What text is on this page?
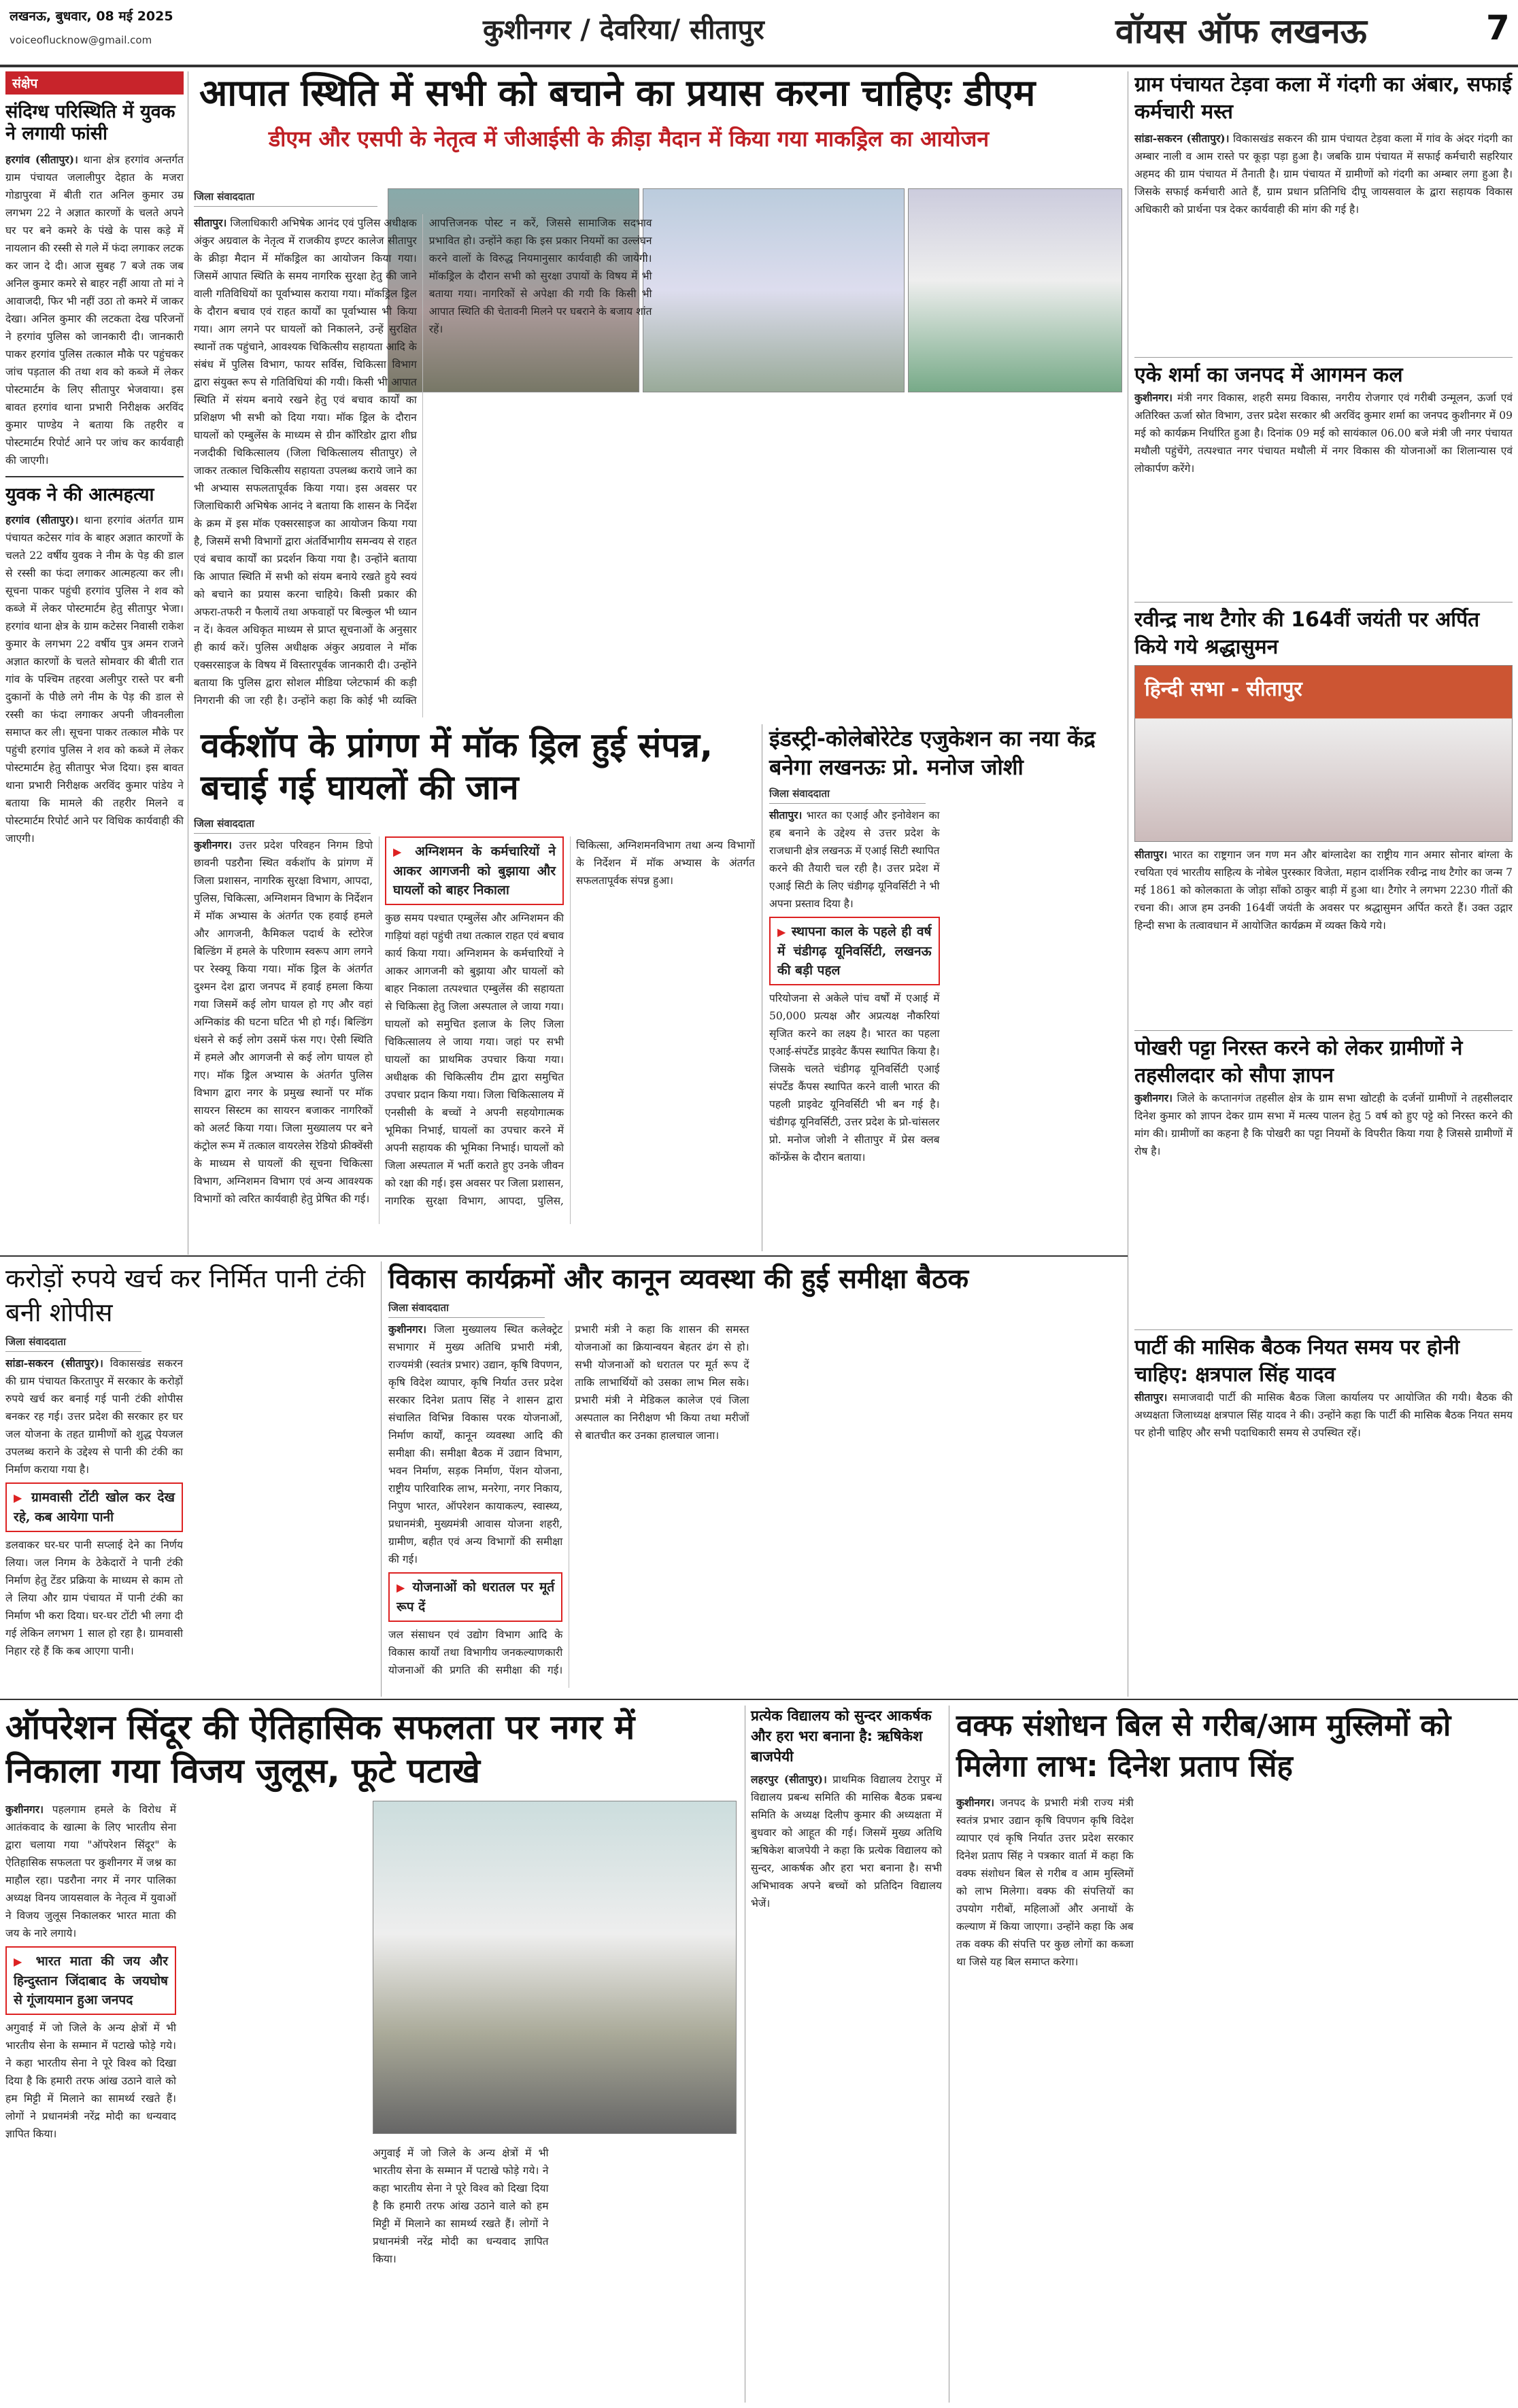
लखनऊ, बुधवार, 08 मई 2025
voiceoflucknow@gmail.com	कुशीनगर / देवरिया/ सीतापुर	वॉयस ऑफ लखनऊ	7
संक्षेप
संदिग्ध परिस्थिति में युवक ने लगायी फांसी
हरगांव (सीतापुर)। थाना क्षेत्र हरगांव अन्तर्गत ग्राम पंचायत जलालीपुर देहात के मजरा गोडापुरवा में बीती रात अनिल कुमार उम्र लगभग 22 ने अज्ञात कारणों के चलते अपने घर पर बने कमरे के पंखे के पास कड़े में नायलान की रस्सी से गले में फंदा लगाकर लटक कर जान दे दी। आज सुबह 7 बजे तक जब अनिल कुमार कमरे से बाहर नहीं आया तो मां ने आवाजदी, फिर भी नहीं उठा तो कमरे में जाकर देखा। अनिल कुमार की लटकता देख परिजनों ने हरगांव पुलिस को जानकारी दी। जानकारी पाकर हरगांव पुलिस तत्काल मौके पर पहुंचकर जांच पड़ताल की तथा शव को कब्जे में लेकर पोस्टमार्टम के लिए सीतापुर भेजवाया। इस बावत हरगांव थाना प्रभारी निरीक्षक अरविंद कुमार पाण्डेय ने बताया कि तहरीर व पोस्टमार्टम रिपोर्ट आने पर जांच कर कार्यवाही की जाएगी।
युवक ने की आत्महत्या
हरगांव (सीतापुर)। थाना हरगांव अंतर्गत ग्राम पंचायत कटेसर गांव के बाहर अज्ञात कारणों के चलते 22 वर्षीय युवक ने नीम के पेड़ की डाल से रस्सी का फंदा लगाकर आत्महत्या कर ली। सूचना पाकर पहुंची हरगांव पुलिस ने शव को कब्जे में लेकर पोस्टमार्टम हेतु सीतापुर भेजा। हरगांव थाना क्षेत्र के ग्राम कटेसर निवासी राकेश कुमार के लगभग 22 वर्षीय पुत्र अमन राजने अज्ञात कारणों के चलते सोमवार की बीती रात गांव के पश्चिम तहरवा अलीपुर रास्ते पर बनी दुकानों के पीछे लगे नीम के पेड़ की डाल से रस्सी का फंदा लगाकर अपनी जीवनलीला समाप्त कर ली। सूचना पाकर तत्काल मौके पर पहुंची हरगांव पुलिस ने शव को कब्जे में लेकर पोस्टमार्टम हेतु सीतापुर भेज दिया। इस बावत थाना प्रभारी निरीक्षक अरविंद कुमार पांडेय ने बताया कि मामले की तहरीर मिलने व पोस्टमार्टम रिपोर्ट आने पर विधिक कार्यवाही की जाएगी।
आपात स्थिति में सभी को बचाने का प्रयास करना चाहिएः डीएम
डीएम और एसपी के नेतृत्व में जीआईसी के क्रीड़ा मैदान में किया गया माकड्रिल का आयोजन
जिला संवाददाता
सीतापुर। जिलाधिकारी अभिषेक आनंद एवं पुलिस अधीक्षक अंकुर अग्रवाल के नेतृत्व में राजकीय इण्टर कालेज सीतापुर के क्रीड़ा मैदान में मॉकड्रिल का आयोजन किया गया। जिसमें आपात स्थिति के समय नागरिक सुरक्षा हेतु की जाने वाली गतिविधियों का पूर्वाभ्यास कराया गया। मॉकड्रिल ड्रिल के दौरान बचाव एवं राहत कार्यों का पूर्वाभ्यास भी किया गया। आग लगने पर घायलों को निकालने, उन्हें सुरक्षित स्थानों तक पहुंचाने, आवश्यक चिकित्सीय सहायता आदि के संबंध में पुलिस विभाग, फायर सर्विस, चिकित्सा विभाग द्वारा संयुक्त रूप से गतिविधियां की गयी। किसी भी आपात स्थिति में संयम बनाये रखने हेतु एवं बचाव कार्यों का प्रशिक्षण भी सभी को दिया गया। मॉक ड्रिल के दौरान घायलों को एम्बुलेंस के माध्यम से ग्रीन कॉरिडोर द्वारा शीघ्र नजदीकी चिकित्सालय (जिला चिकित्सालय सीतापुर) ले जाकर तत्काल चिकित्सीय सहायता उपलब्ध कराये जाने का भी अभ्यास सफलतापूर्वक किया गया। इस अवसर पर जिलाधिकारी अभिषेक आनंद ने बताया कि शासन के निर्देश के क्रम में इस मॉक एक्सरसाइज का आयोजन किया गया है, जिसमें सभी विभागों द्वारा अंतर्विभागीय समन्वय से राहत एवं बचाव कार्यों का प्रदर्शन किया गया है। उन्होंने बताया कि आपात स्थिति में सभी को संयम बनाये रखते हुये स्वयं को बचाने का प्रयास करना चाहिये। किसी प्रकार की अफरा-तफरी न फैलायें तथा अफवाहों पर बिल्कुल भी ध्यान न दें। केवल अधिकृत माध्यम से प्राप्त सूचनाओं के अनुसार ही कार्य करें। पुलिस अधीक्षक अंकुर अग्रवाल ने मॉक एक्सरसाइज के विषय में विस्तारपूर्वक जानकारी दी। उन्होंने बताया कि पुलिस द्वारा सोशल मीडिया प्लेटफार्म की कड़ी निगरानी की जा रही है। उन्होंने कहा कि कोई भी व्यक्ति आपत्तिजनक पोस्ट न करें, जिससे सामाजिक सदभाव प्रभावित हो। उन्होंने कहा कि इस प्रकार नियमों का उल्लंघन करने वालों के विरुद्ध नियमानुसार कार्यवाही की जायेगी। मॉकड्रिल के दौरान सभी को सुरक्षा उपायों के विषय में भी बताया गया। नागरिकों से अपेक्षा की गयी कि किसी भी आपात स्थिति की चेतावनी मिलने पर घबराने के बजाय शांत रहें।
वर्कशॉप के प्रांगण में मॉक ड्रिल हुई संपन्न, बचाई गई घायलों की जान
जिला संवाददाता
कुशीनगर। उत्तर प्रदेश परिवहन निगम डिपो छावनी पडरौना स्थित वर्कशॉप के प्रांगण में जिला प्रशासन, नागरिक सुरक्षा विभाग, आपदा, पुलिस, चिकित्सा, अग्निशमन विभाग के निर्देशन में मॉक अभ्यास के अंतर्गत एक हवाई हमले और आगजनी, कैमिकल पदार्थ के स्टोरेज बिल्डिंग में हमले के परिणाम स्वरूप आग लगने पर रेस्क्यू किया गया। मॉक ड्रिल के अंतर्गत दुश्मन देश द्वारा जनपद में हवाई हमला किया गया जिसमें कई लोग घायल हो गए और वहां अग्निकांड की घटना घटित भी हो गई। बिल्डिंग धंसने से कई लोग उसमें फंस गए। ऐसी स्थिति में हमले और आगजनी से कई लोग घायल हो गए। मॉक ड्रिल अभ्यास के अंतर्गत पुलिस विभाग द्वारा नगर के प्रमुख स्थानों पर मॉक सायरन सिस्टम का सायरन बजाकर नागरिकों को अलर्ट किया गया। जिला मुख्यालय पर बने कंट्रोल रूम में तत्काल वायरलेस रेडियो फ्रीक्वेंसी के माध्यम से घायलों की सूचना चिकित्सा विभाग, अग्निशमन विभाग एवं अन्य आवश्यक विभागों को त्वरित कार्यवाही हेतु प्रेषित की गई।
▶ अग्निशमन के कर्मचारियों ने आकर आगजनी को बुझाया और घायलों को बाहर निकाला
कुछ समय पश्चात एम्बुलेंस और अग्निशमन की गाड़ियां वहां पहुंची तथा तत्काल राहत एवं बचाव कार्य किया गया। अग्निशमन के कर्मचारियों ने आकर आगजनी को बुझाया और घायलों को बाहर निकाला तत्पश्चात एम्बुलेंस की सहायता से चिकित्सा हेतु जिला अस्पताल ले जाया गया। घायलों को समुचित इलाज के लिए जिला चिकित्सालय ले जाया गया। जहां पर सभी घायलों का प्राथमिक उपचार किया गया। अधीक्षक की चिकित्सीय टीम द्वारा समुचित उपचार प्रदान किया गया। जिला चिकित्सालय में एनसीसी के बच्चों ने अपनी सहयोगात्मक भूमिका निभाई, घायलों का उपचार करने में अपनी सहायक की भूमिका निभाई। घायलों को जिला अस्पताल में भर्ती कराते हुए उनके जीवन को रक्षा की गई। इस अवसर पर जिला प्रशासन, नागरिक सुरक्षा विभाग, आपदा, पुलिस, चिकित्सा, अग्निशमनविभाग तथा अन्य विभागों के निर्देशन में मॉक अभ्यास के अंतर्गत सफलतापूर्वक संपन्न हुआ।
इंडस्ट्री-कोलेबोरेटेड एजुकेशन का नया केंद्र बनेगा लखनऊः प्रो. मनोज जोशी
जिला संवाददाता
सीतापुर। भारत का एआई और इनोवेशन का हब बनाने के उद्देश्य से उत्तर प्रदेश के राजधानी क्षेत्र लखनऊ में एआई सिटी स्थापित करने की तैयारी चल रही है। उत्तर प्रदेश में एआई सिटी के लिए चंडीगढ़ यूनिवर्सिटी ने भी अपना प्रस्ताव दिया है।
▶ स्थापना काल के पहले ही वर्ष में चंडीगढ़ यूनिवर्सिटी, लखनऊ की बड़ी पहल
परियोजना से अकेले पांच वर्षों में एआई में 50,000 प्रत्यक्ष और अप्रत्यक्ष नौकरियां सृजित करने का लक्ष्य है। भारत का पहला एआई-संपर्टेड प्राइवेट कैंपस स्थापित किया है। जिसके चलते चंडीगढ़ यूनिवर्सिटी एआई संपर्टेड कैंपस स्थापित करने वाली भारत की पहली प्राइवेट यूनिवर्सिटी भी बन गई है। चंडीगढ़ यूनिवर्सिटी, उत्तर प्रदेश के प्रो-चांसलर प्रो. मनोज जोशी ने सीतापुर में प्रेस क्लब कॉन्फ्रेंस के दौरान बताया।
ग्राम पंचायत टेड़वा कला में गंदगी का अंबार, सफाई कर्मचारी मस्त
सांडा-सकरन (सीतापुर)। विकासखंड सकरन की ग्राम पंचायत टेड़वा कला में गांव के अंदर गंदगी का अम्बार नाली व आम रास्ते पर कूड़ा पड़ा हुआ है। जबकि ग्राम पंचायत में सफाई कर्मचारी सहरियार अहमद की ग्राम पंचायत में तैनाती है। ग्राम पंचायत में ग्रामीणों को गंदगी का अम्बार लगा हुआ है। जिसके सफाई कर्मचारी आते हैं, ग्राम प्रधान प्रतिनिधि दीपू जायसवाल के द्वारा सहायक विकास अधिकारी को प्रार्थना पत्र देकर कार्यवाही की मांग की गई है।
एके शर्मा का जनपद में आगमन कल
कुशीनगर। मंत्री नगर विकास, शहरी समग्र विकास, नगरीय रोजगार एवं गरीबी उन्मूलन, ऊर्जा एवं अतिरिक्त ऊर्जा स्रोत विभाग, उत्तर प्रदेश सरकार श्री अरविंद कुमार शर्मा का जनपद कुशीनगर में 09 मई को कार्यक्रम निर्धारित हुआ है। दिनांक 09 मई को सायंकाल 06.00 बजे मंत्री जी नगर पंचायत मथौली पहुंचेंगे, तत्पश्चात नगर पंचायत मथौली में नगर विकास की योजनाओं का शिलान्यास एवं लोकार्पण करेंगे।
रवीन्द्र नाथ टैगोर की 164वीं जयंती पर अर्पित किये गये श्रद्धासुमन
हिन्दी सभा - सीतापुर
सीतापुर। भारत का राष्ट्रगान जन गण मन और बांग्लादेश का राष्ट्रीय गान अमार सोनार बांग्ला के रचयिता एवं भारतीय साहित्य के नोबेल पुरस्कार विजेता, महान दार्शनिक रवीन्द्र नाथ टैगोर का जन्म 7 मई 1861 को कोलकाता के जोड़ा साँको ठाकुर बाड़ी में हुआ था। टैगोर ने लगभग 2230 गीतों की रचना की। आज हम उनकी 164वीं जयंती के अवसर पर श्रद्धासुमन अर्पित करते हैं। उक्त उद्गार हिन्दी सभा के तत्वावधान में आयोजित कार्यक्रम में व्यक्त किये गये।
पोखरी पट्टा निरस्त करने को लेकर ग्रामीणों ने तहसीलदार को सौपा ज्ञापन
कुशीनगर। जिले के कप्तानगंज तहसील क्षेत्र के ग्राम सभा खोटही के दर्जनों ग्रामीणों ने तहसीलदार दिनेश कुमार को ज्ञापन देकर ग्राम सभा में मत्स्य पालन हेतु 5 वर्ष को हुए पट्टे को निरस्त करने की मांग की। ग्रामीणों का कहना है कि पोखरी का पट्टा नियमों के विपरीत किया गया है जिससे ग्रामीणों में रोष है।
पार्टी की मासिक बैठक नियत समय पर होनी चाहिए: क्षत्रपाल सिंह यादव
सीतापुर। समाजवादी पार्टी की मासिक बैठक जिला कार्यालय पर आयोजित की गयी। बैठक की अध्यक्षता जिलाध्यक्ष क्षत्रपाल सिंह यादव ने की। उन्होंने कहा कि पार्टी की मासिक बैठक नियत समय पर होनी चाहिए और सभी पदाधिकारी समय से उपस्थित रहें।
करोड़ों रुपये खर्च कर निर्मित पानी टंकी बनी शोपीस
जिला संवाददाता
सांडा-सकरन (सीतापुर)। विकासखंड सकरन की ग्राम पंचायत किरतापुर में सरकार के करोड़ों रुपये खर्च कर बनाई गई पानी टंकी शोपीस बनकर रह गई। उत्तर प्रदेश की सरकार हर घर जल योजना के तहत ग्रामीणों को शुद्ध पेयजल उपलब्ध कराने के उद्देश्य से पानी की टंकी का निर्माण कराया गया है।
▶ ग्रामवासी टोंटी खोल कर देख रहे, कब आयेगा पानी
डलवाकर घर-घर पानी सप्लाई देने का निर्णय लिया। जल निगम के ठेकेदारों ने पानी टंकी निर्माण हेतु टेंडर प्रक्रिया के माध्यम से काम तो ले लिया और ग्राम पंचायत में पानी टंकी का निर्माण भी करा दिया। घर-घर टोंटी भी लगा दी गई लेकिन लगभग 1 साल हो रहा है। ग्रामवासी निहार रहे हैं कि कब आएगा पानी।
विकास कार्यक्रमों और कानून व्यवस्था की हुई समीक्षा बैठक
जिला संवाददाता
कुशीनगर। जिला मुख्यालय स्थित कलेक्ट्रेट सभागार में मुख्य अतिथि प्रभारी मंत्री, राज्यमंत्री (स्वतंत्र प्रभार) उद्यान, कृषि विपणन, कृषि विदेश व्यापार, कृषि निर्यात उत्तर प्रदेश सरकार दिनेश प्रताप सिंह ने शासन द्वारा संचालित विभिन्न विकास परक योजनाओं, निर्माण कार्यों, कानून व्यवस्था आदि की समीक्षा की। समीक्षा बैठक में उद्यान विभाग, भवन निर्माण, सड़क निर्माण, पेंशन योजना, राष्ट्रीय पारिवारिक लाभ, मनरेगा, नगर निकाय, निपुण भारत, ऑपरेशन कायाकल्प, स्वास्थ्य, प्रधानमंत्री, मुख्यमंत्री आवास योजना शहरी, ग्रामीण, बहीत एवं अन्य विभागों की समीक्षा की गई।
▶ योजनाओं को धरातल पर मूर्त रूप दें
जल संसाधन एवं उद्योग विभाग आदि के विकास कार्यों तथा विभागीय जनकल्याणकारी योजनाओं की प्रगति की समीक्षा की गई। प्रभारी मंत्री ने कहा कि शासन की समस्त योजनाओं का क्रियान्वयन बेहतर ढंग से हो। सभी योजनाओं को धरातल पर मूर्त रूप दें ताकि लाभार्थियों को उसका लाभ मिल सके। प्रभारी मंत्री ने मेडिकल कालेज एवं जिला अस्पताल का निरीक्षण भी किया तथा मरीजों से बातचीत कर उनका हालचाल जाना।
ऑपरेशन सिंदूर की ऐतिहासिक सफलता पर नगर में निकाला गया विजय जुलूस, फूटे पटाखे
कुशीनगर। पहलगाम हमले के विरोध में आतंकवाद के खात्मा के लिए भारतीय सेना द्वारा चलाया गया "ऑपरेशन सिंदूर" के ऐतिहासिक सफलता पर कुशीनगर में जश्न का माहौल रहा। पडरौना नगर में नगर पालिका अध्यक्ष विनय जायसवाल के नेतृत्व में युवाओं ने विजय जुलूस निकालकर भारत माता की जय के नारे लगाये।
▶ भारत माता की जय और हिन्दुस्तान जिंदाबाद के जयघोष से गूंजायमान हुआ जनपद
अगुवाई में जो जिले के अन्य क्षेत्रों में भी भारतीय सेना के सम्मान में पटाखे फोड़े गये। ने कहा भारतीय सेना ने पूरे विश्व को दिखा दिया है कि हमारी तरफ आंख उठाने वाले को हम मिट्टी में मिलाने का सामर्थ्य रखते हैं। लोगों ने प्रधानमंत्री नरेंद्र मोदी का धन्यवाद ज्ञापित किया।
अगुवाई में जो जिले के अन्य क्षेत्रों में भी भारतीय सेना के सम्मान में पटाखे फोड़े गये। ने कहा भारतीय सेना ने पूरे विश्व को दिखा दिया है कि हमारी तरफ आंख उठाने वाले को हम मिट्टी में मिलाने का सामर्थ्य रखते हैं। लोगों ने प्रधानमंत्री नरेंद्र मोदी का धन्यवाद ज्ञापित किया।
प्रत्येक विद्यालय को सुन्दर आकर्षक और हरा भरा बनाना है: ऋषिकेश बाजपेयी
लहरपुर (सीतापुर)। प्राथमिक विद्यालय टेरापुर में विद्यालय प्रबन्ध समिति की मासिक बैठक प्रबन्ध समिति के अध्यक्ष दिलीप कुमार की अध्यक्षता में बुधवार को आहूत की गई। जिसमें मुख्य अतिथि ऋषिकेश बाजपेयी ने कहा कि प्रत्येक विद्यालय को सुन्दर, आकर्षक और हरा भरा बनाना है। सभी अभिभावक अपने बच्चों को प्रतिदिन विद्यालय भेजें।
वक्फ संशोधन बिल से गरीब/आम मुस्लिमों को मिलेगा लाभ: दिनेश प्रताप सिंह
कुशीनगर। जनपद के प्रभारी मंत्री राज्य मंत्री स्वतंत्र प्रभार उद्यान कृषि विपणन कृषि विदेश व्यापार एवं कृषि निर्यात उत्तर प्रदेश सरकार दिनेश प्रताप सिंह ने पत्रकार वार्ता में कहा कि वक्फ संशोधन बिल से गरीब व आम मुस्लिमों को लाभ मिलेगा। वक्फ की संपत्तियों का उपयोग गरीबों, महिलाओं और अनाथों के कल्याण में किया जाएगा। उन्होंने कहा कि अब तक वक्फ की संपत्ति पर कुछ लोगों का कब्जा था जिसे यह बिल समाप्त करेगा।
